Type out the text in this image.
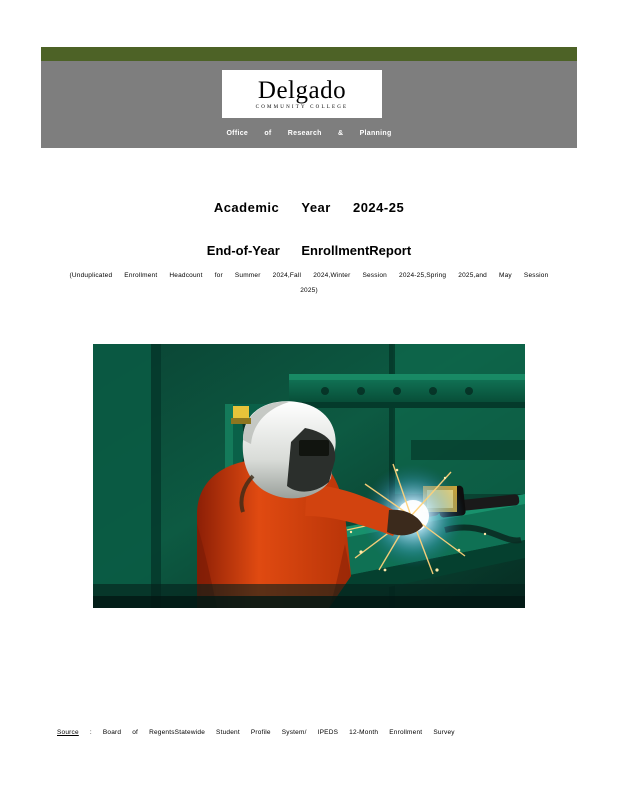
Delgado
COMMUNITY COLLEGE
Office of Research & Planning
Academic Year 2024-25
End-of-Year EnrollmentReport
(Unduplicated Enrollment Headcount for Summer 2024,Fall 2024,Winter Session 2024-25,Spring 2025,and May Session 2025)
Source : Board of RegentsStatewide Student Profile System/ IPEDS 12-Month Enrollment Survey
